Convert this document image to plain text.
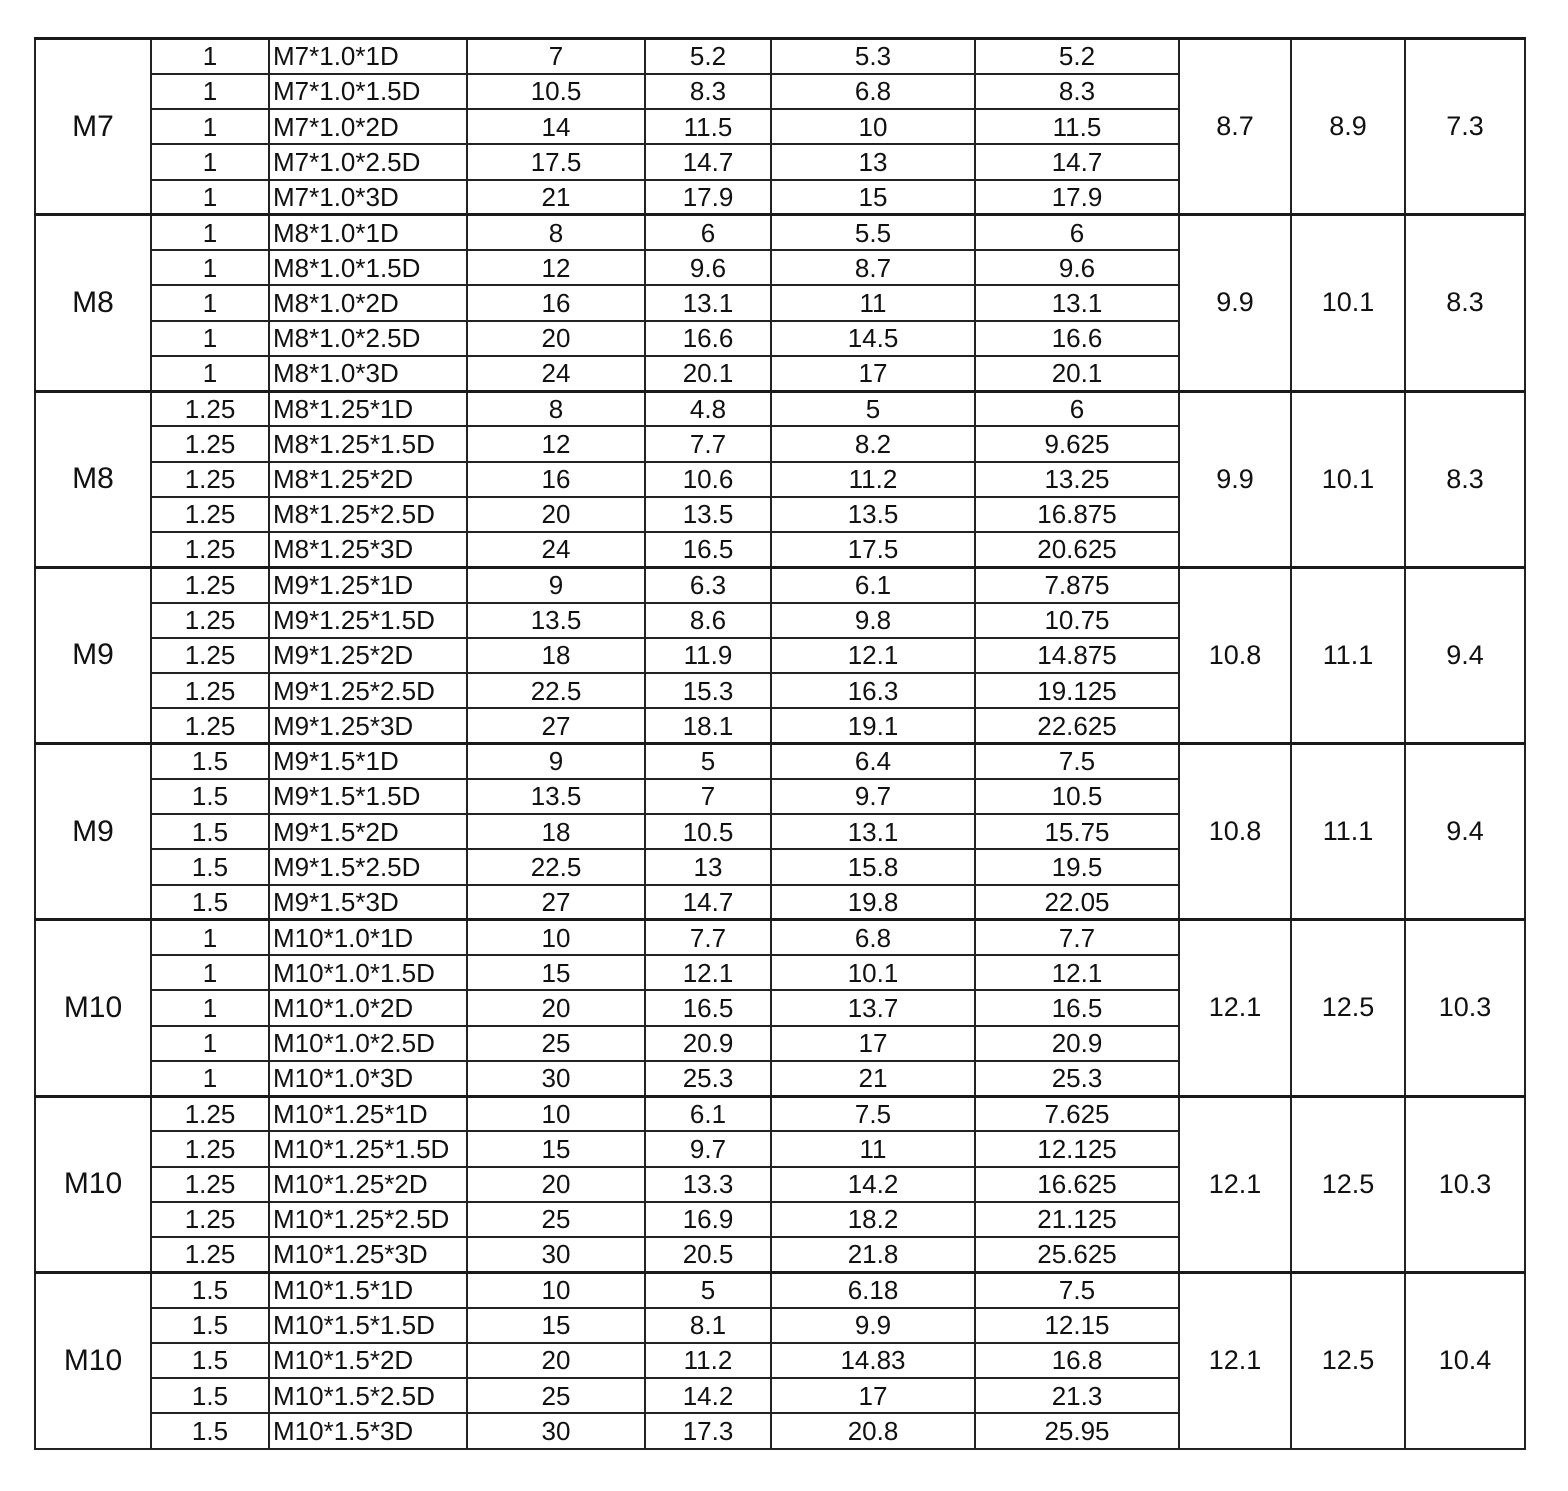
M7	1	M7*1.0*1D	7	5.2	5.3	5.2	8.7	8.9	7.3
	1	M7*1.0*1.5D	10.5	8.3	6.8	8.3			
	1	M7*1.0*2D	14	11.5	10	11.5			
	1	M7*1.0*2.5D	17.5	14.7	13	14.7			
	1	M7*1.0*3D	21	17.9	15	17.9			
M8	1	M8*1.0*1D	8	6	5.5	6	9.9	10.1	8.3
	1	M8*1.0*1.5D	12	9.6	8.7	9.6			
	1	M8*1.0*2D	16	13.1	11	13.1			
	1	M8*1.0*2.5D	20	16.6	14.5	16.6			
	1	M8*1.0*3D	24	20.1	17	20.1			
M8	1.25	M8*1.25*1D	8	4.8	5	6	9.9	10.1	8.3
	1.25	M8*1.25*1.5D	12	7.7	8.2	9.625			
	1.25	M8*1.25*2D	16	10.6	11.2	13.25			
	1.25	M8*1.25*2.5D	20	13.5	13.5	16.875			
	1.25	M8*1.25*3D	24	16.5	17.5	20.625			
M9	1.25	M9*1.25*1D	9	6.3	6.1	7.875	10.8	11.1	9.4
	1.25	M9*1.25*1.5D	13.5	8.6	9.8	10.75			
	1.25	M9*1.25*2D	18	11.9	12.1	14.875			
	1.25	M9*1.25*2.5D	22.5	15.3	16.3	19.125			
	1.25	M9*1.25*3D	27	18.1	19.1	22.625			
M9	1.5	M9*1.5*1D	9	5	6.4	7.5	10.8	11.1	9.4
	1.5	M9*1.5*1.5D	13.5	7	9.7	10.5			
	1.5	M9*1.5*2D	18	10.5	13.1	15.75			
	1.5	M9*1.5*2.5D	22.5	13	15.8	19.5			
	1.5	M9*1.5*3D	27	14.7	19.8	22.05			
M10	1	M10*1.0*1D	10	7.7	6.8	7.7	12.1	12.5	10.3
	1	M10*1.0*1.5D	15	12.1	10.1	12.1			
	1	M10*1.0*2D	20	16.5	13.7	16.5			
	1	M10*1.0*2.5D	25	20.9	17	20.9			
	1	M10*1.0*3D	30	25.3	21	25.3			
M10	1.25	M10*1.25*1D	10	6.1	7.5	7.625	12.1	12.5	10.3
	1.25	M10*1.25*1.5D	15	9.7	11	12.125			
	1.25	M10*1.25*2D	20	13.3	14.2	16.625			
	1.25	M10*1.25*2.5D	25	16.9	18.2	21.125			
	1.25	M10*1.25*3D	30	20.5	21.8	25.625			
M10	1.5	M10*1.5*1D	10	5	6.18	7.5	12.1	12.5	10.4
	1.5	M10*1.5*1.5D	15	8.1	9.9	12.15			
	1.5	M10*1.5*2D	20	11.2	14.83	16.8			
	1.5	M10*1.5*2.5D	25	14.2	17	21.3			
	1.5	M10*1.5*3D	30	17.3	20.8	25.95			
